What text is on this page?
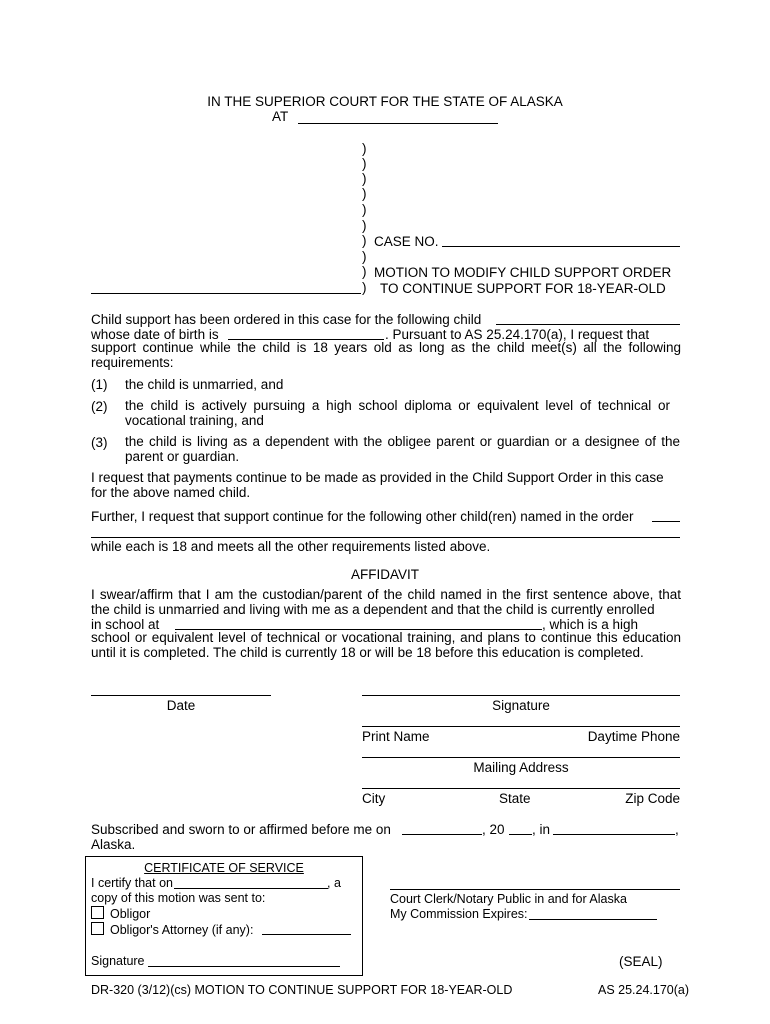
IN THE SUPERIOR COURT FOR THE STATE OF ALASKA
AT
)
)
)
)
)
)
)
)
)
)
CASE NO.
MOTION TO MODIFY CHILD SUPPORT ORDER
TO CONTINUE SUPPORT FOR 18-YEAR-OLD
Child support has been ordered in this case for the following child
whose date of birth is	. Pursuant to AS 25.24.170(a), I request that
support continue while the child is 18 years old as long as the child meet(s) all the following requirements:
(1) the child is unmarried, and
(2) the child is actively pursuing a high school diploma or equivalent level of technical or vocational training, and
(3) the child is living as a dependent with the obligee parent or guardian or a designee of the parent or guardian.
I request that payments continue to be made as provided in the Child Support Order in this case for the above named child.
Further, I request that support continue for the following other child(ren) named in the order
while each is 18 and meets all the other requirements listed above.
AFFIDAVIT
I swear/affirm that I am the custodian/parent of the child named in the first sentence above, that the child is unmarried and living with me as a dependent and that the child is currently enrolled
in school at	, which is a high
school or equivalent level of technical or vocational training, and plans to continue this education until it is completed. The child is currently 18 or will be 18 before this education is completed.
Date	Signature
Print Name	Daytime Phone
Mailing Address
City	State	Zip Code
Subscribed and sworn to or affirmed before me on	, 20 , in	,
Alaska.
CERTIFICATE OF SERVICE
I certify that on	, a
copy of this motion was sent to:
Obligor
Obligor's Attorney (if any):
Signature
Court Clerk/Notary Public in and for Alaska
My Commission Expires:
(SEAL)
DR-320 (3/12)(cs) MOTION TO CONTINUE SUPPORT FOR 18-YEAR-OLD	AS 25.24.170(a)
